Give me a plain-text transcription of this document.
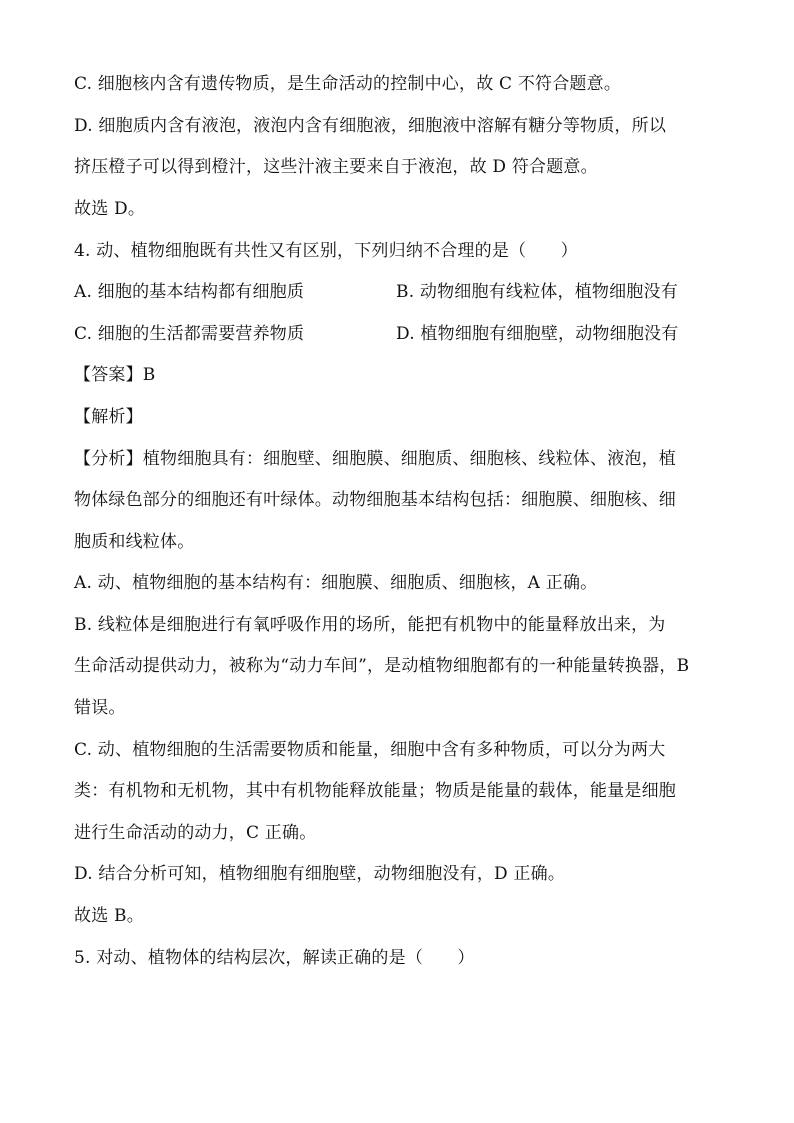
C. 细胞核内含有遗传物质，是生命活动的控制中心，故 C 不符合题意。
D. 细胞质内含有液泡，液泡内含有细胞液，细胞液中溶解有糖分等物质，所以
挤压橙子可以得到橙汁，这些汁液主要来自于液泡，故 D 符合题意。
故选 D。
4. 动、植物细胞既有共性又有区别，下列归纳不合理的是（　　）
A. 细胞的基本结构都有细胞质	B. 动物细胞有线粒体，植物细胞没有
C. 细胞的生活都需要营养物质	D. 植物细胞有细胞壁，动物细胞没有
【答案】B
【解析】
【分析】植物细胞具有：细胞壁、细胞膜、细胞质、细胞核、线粒体、液泡，植
物体绿色部分的细胞还有叶绿体。动物细胞基本结构包括：细胞膜、细胞核、细
胞质和线粒体。
A. 动、植物细胞的基本结构有：细胞膜、细胞质、细胞核，A 正确。
B. 线粒体是细胞进行有氧呼吸作用的场所，能把有机物中的能量释放出来，为
生命活动提供动力，被称为“动力车间”，是动植物细胞都有的一种能量转换器，B
错误。
C. 动、植物细胞的生活需要物质和能量，细胞中含有多种物质，可以分为两大
类：有机物和无机物，其中有机物能释放能量；物质是能量的载体，能量是细胞
进行生命活动的动力，C 正确。
D. 结合分析可知，植物细胞有细胞壁，动物细胞没有，D 正确。
故选 B。
5. 对动、植物体的结构层次，解读正确的是（　　）
